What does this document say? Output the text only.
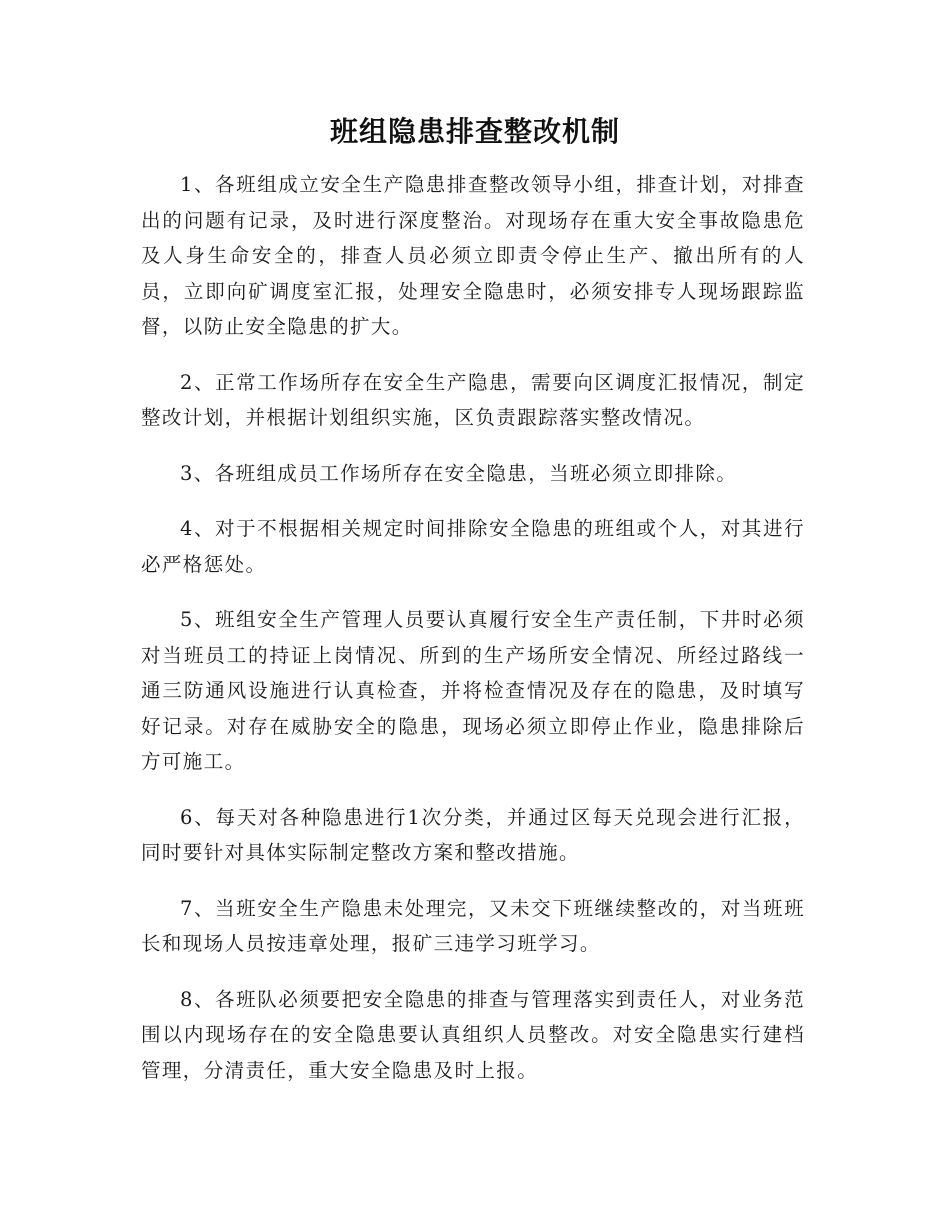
班组隐患排查整改机制

1、各班组成立安全生产隐患排查整改领导小组，排查计划，对排查出的问题有记录，及时进行深度整治。对现场存在重大安全事故隐患危及人身生命安全的，排查人员必须立即责令停止生产、撤出所有的人员，立即向矿调度室汇报，处理安全隐患时，必须安排专人现场跟踪监督，以防止安全隐患的扩大。

2、正常工作场所存在安全生产隐患，需要向区调度汇报情况，制定整改计划，并根据计划组织实施，区负责跟踪落实整改情况。

3、各班组成员工作场所存在安全隐患，当班必须立即排除。

4、对于不根据相关规定时间排除安全隐患的班组或个人，对其进行必严格惩处。

5、班组安全生产管理人员要认真履行安全生产责任制，下井时必须对当班员工的持证上岗情况、所到的生产场所安全情况、所经过路线一通三防通风设施进行认真检查，并将检查情况及存在的隐患，及时填写好记录。对存在威胁安全的隐患，现场必须立即停止作业，隐患排除后方可施工。

6、每天对各种隐患进行1次分类，并通过区每天兑现会进行汇报，同时要针对具体实际制定整改方案和整改措施。

7、当班安全生产隐患未处理完，又未交下班继续整改的，对当班班长和现场人员按违章处理，报矿三违学习班学习。

8、各班队必须要把安全隐患的排查与管理落实到责任人，对业务范围以内现场存在的安全隐患要认真组织人员整改。对安全隐患实行建档管理，分清责任，重大安全隐患及时上报。
